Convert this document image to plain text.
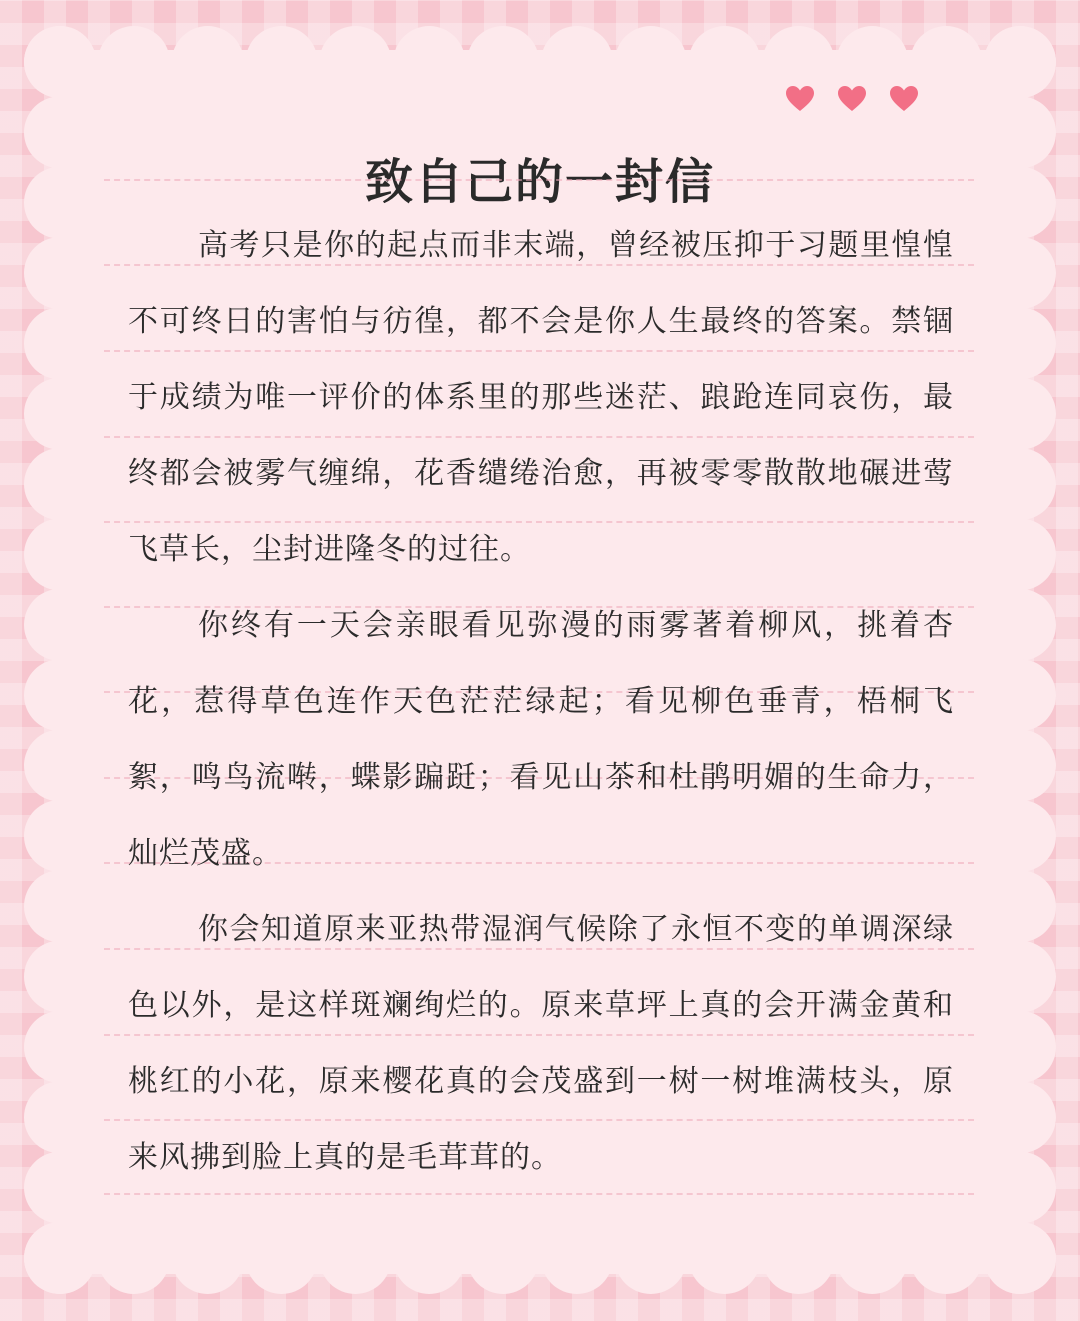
致自己的一封信

高考只是你的起点而非末端，曾经被压抑于习题里惶惶不可终日的害怕与彷徨，都不会是你人生最终的答案。禁锢于成绩为唯一评价的体系里的那些迷茫、踉跄连同哀伤，最终都会被雾气缠绵，花香缱绻治愈，再被零零散散地碾进莺飞草长，尘封进隆冬的过往。

你终有一天会亲眼看见弥漫的雨雾著着柳风，挑着杏花，惹得草色连作天色茫茫绿起；看见柳色垂青，梧桐飞絮，鸣鸟流啭，蝶影蹁跹；看见山茶和杜鹃明媚的生命力，灿烂茂盛。

你会知道原来亚热带湿润气候除了永恒不变的单调深绿色以外，是这样斑斓绚烂的。原来草坪上真的会开满金黄和桃红的小花，原来樱花真的会茂盛到一树一树堆满枝头，原来风拂到脸上真的是毛茸茸的。
